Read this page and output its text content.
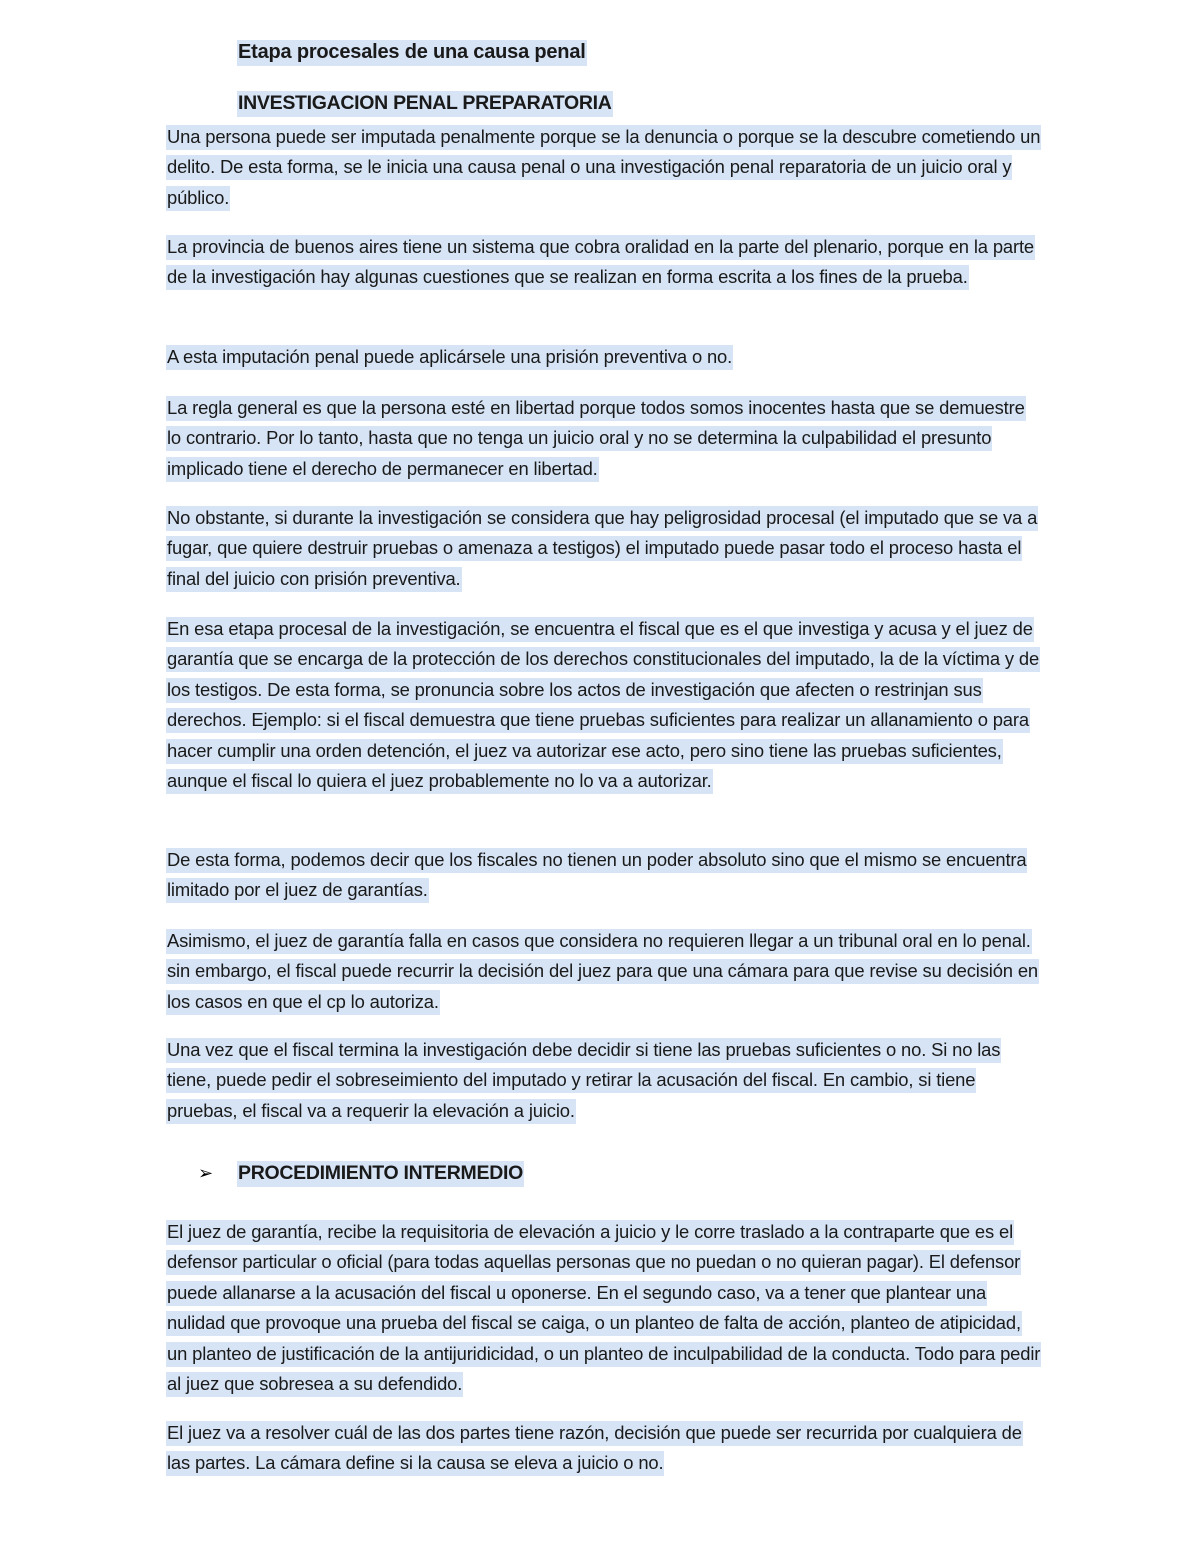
Etapa procesales de una causa penal
INVESTIGACION PENAL PREPARATORIA

Una persona puede ser imputada penalmente porque se la denuncia o porque se la descubre cometiendo un delito. De esta forma, se le inicia una causa penal o una investigación penal reparatoria de un juicio oral y público.

La provincia de buenos aires tiene un sistema que cobra oralidad en la parte del plenario, porque en la parte de la investigación hay algunas cuestiones que se realizan en forma escrita a los fines de la prueba.

A esta imputación penal puede aplicársele una prisión preventiva o no.

La regla general es que la persona esté en libertad porque todos somos inocentes hasta que se demuestre lo contrario. Por lo tanto, hasta que no tenga un juicio oral y no se determina la culpabilidad el presunto implicado tiene el derecho de permanecer en libertad.

No obstante, si durante la investigación se considera que hay peligrosidad procesal (el imputado que se va a fugar, que quiere destruir pruebas o amenaza a testigos) el imputado puede pasar todo el proceso hasta el final del juicio con prisión preventiva.

En esa etapa procesal de la investigación, se encuentra el fiscal que es el que investiga y acusa y el juez de garantía que se encarga de la protección de los derechos constitucionales del imputado, la de la víctima y de los testigos. De esta forma, se pronuncia sobre los actos de investigación que afecten o restrinjan sus derechos. Ejemplo: si el fiscal demuestra que tiene pruebas suficientes para realizar un allanamiento o para hacer cumplir una orden detención, el juez va autorizar ese acto, pero sino tiene las pruebas suficientes, aunque el fiscal lo quiera el juez probablemente no lo va a autorizar.

De esta forma, podemos decir que los fiscales no tienen un poder absoluto sino que el mismo se encuentra limitado por el juez de garantías.

Asimismo, el juez de garantía falla en casos que considera no requieren llegar a un tribunal oral en lo penal. sin embargo, el fiscal puede recurrir la decisión del juez para que una cámara para que revise su decisión en los casos en que el cp lo autoriza.

Una vez que el fiscal termina la investigación debe decidir si tiene las pruebas suficientes o no. Si no las tiene, puede pedir el sobreseimiento del imputado y retirar la acusación del fiscal. En cambio, si tiene pruebas, el fiscal va a requerir la elevación a juicio.

➢ PROCEDIMIENTO INTERMEDIO

El juez de garantía, recibe la requisitoria de elevación a juicio y le corre traslado a la contraparte que es el defensor particular o oficial (para todas aquellas personas que no puedan o no quieran pagar). El defensor puede allanarse a la acusación del fiscal u oponerse. En el segundo caso, va a tener que plantear una nulidad que provoque una prueba del fiscal se caiga, o un planteo de falta de acción, planteo de atipicidad, un planteo de justificación de la antijuridicidad, o un planteo de inculpabilidad de la conducta. Todo para pedir al juez que sobresea a su defendido.

El juez va a resolver cuál de las dos partes tiene razón, decisión que puede ser recurrida por cualquiera de las partes. La cámara define si la causa se eleva a juicio o no.
